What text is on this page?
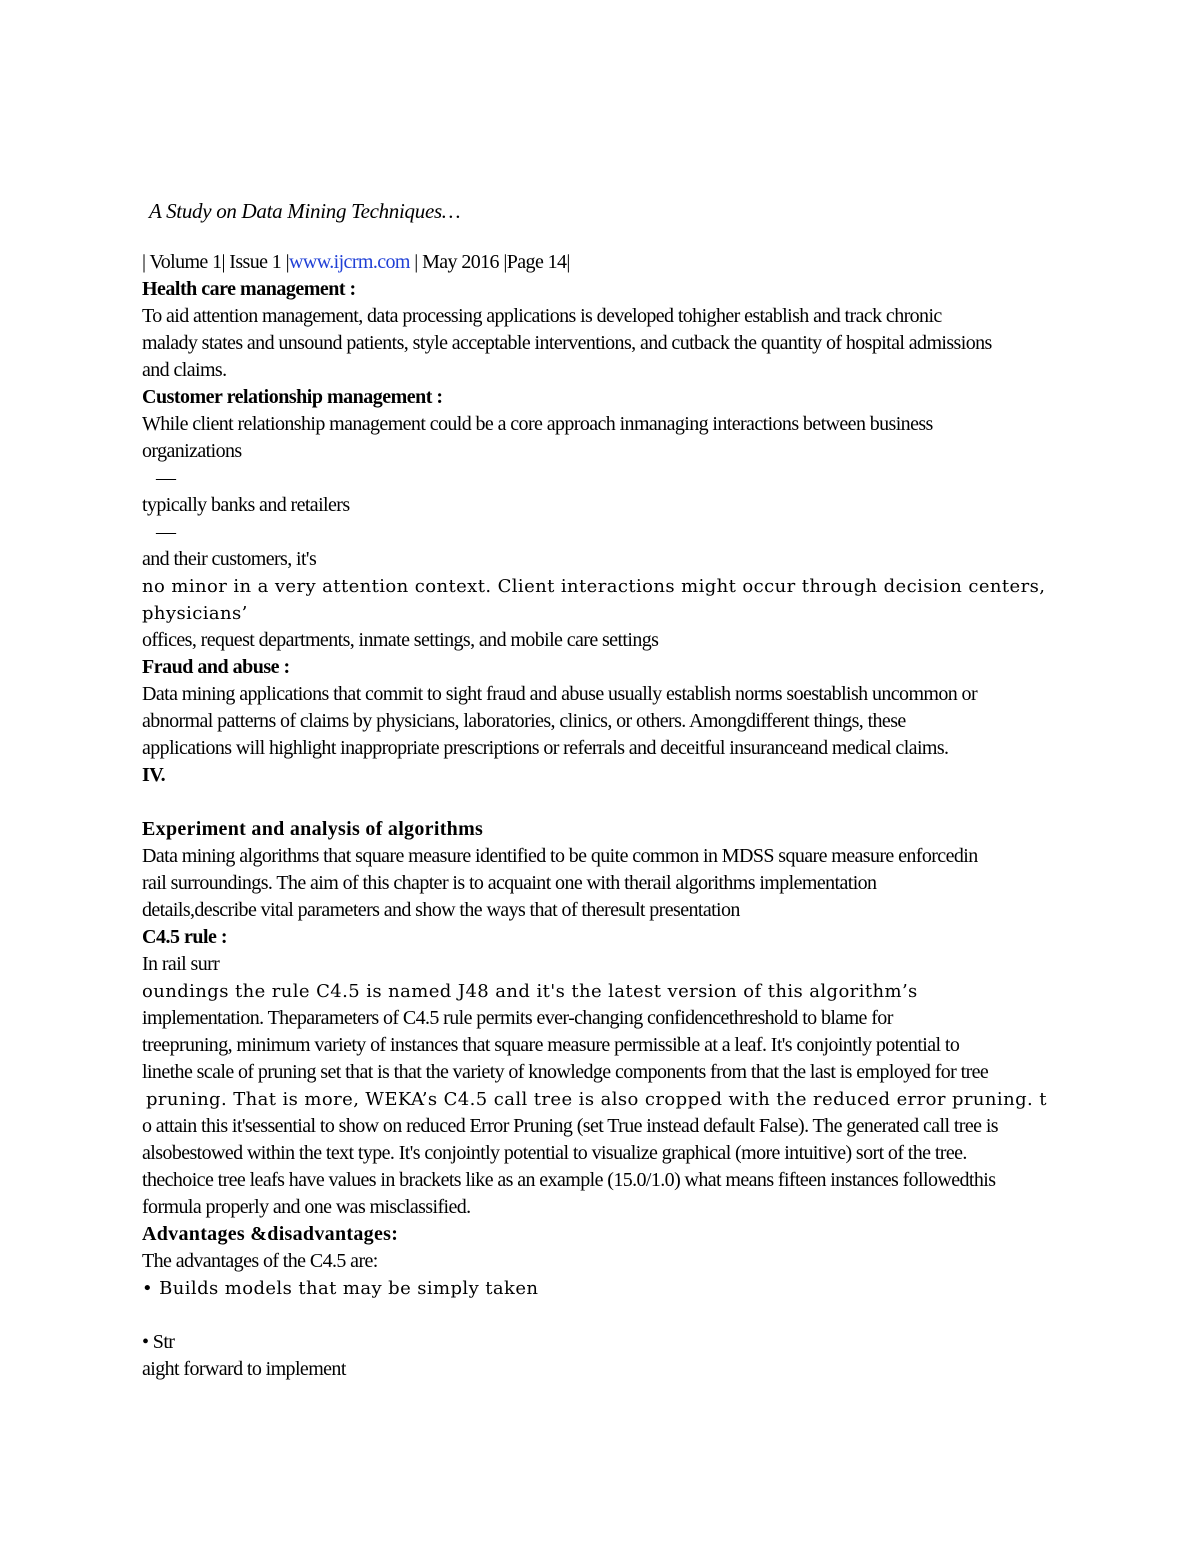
A Study on Data Mining Techniques…
| Volume 1| Issue 1 |www.ijcrm.com | May 2016 |Page 14|
Health care management :
To aid attention management, data processing applications is developed tohigher establish and track chronic
malady states and unsound patients, style acceptable interventions, and cutback the quantity of hospital admissions
and claims.
Customer relationship management :
While client relationship management could be a core approach inmanaging interactions between business
organizations
—
typically banks and retailers
—
and their customers, it's
no minor in a very attention context. Client interactions might occur through decision centers,
physicians’
offices, request departments, inmate settings, and mobile care settings
Fraud and abuse :
Data mining applications that commit to sight fraud and abuse usually establish norms soestablish uncommon or
abnormal patterns of claims by physicians, laboratories, clinics, or others. Amongdifferent things, these
applications will highlight inappropriate prescriptions or referrals and deceitful insuranceand medical claims.
IV.
Experiment and analysis of algorithms
Data mining algorithms that square measure identified to be quite common in MDSS square measure enforcedin
rail surroundings. The aim of this chapter is to acquaint one with therail algorithms implementation
details,describe vital parameters and show the ways that of theresult presentation
C4.5 rule :
In rail surr
oundings the rule C4.5 is named J48 and it's the latest version of this algorithm’s
implementation. Theparameters of C4.5 rule permits ever-changing confidencethreshold to blame for
treepruning, minimum variety of instances that square measure permissible at a leaf. It's conjointly potential to
linethe scale of pruning set that is that the variety of knowledge components from that the last is employed for tree
pruning. That is more, WEKA’s C4.5 call tree is also cropped with the reduced error pruning. t
o attain this it'sessential to show on reduced Error Pruning (set True instead default False). The generated call tree is
alsobestowed within the text type. It's conjointly potential to visualize graphical (more intuitive) sort of the tree.
thechoice tree leafs have values in brackets like as an example (15.0/1.0) what means fifteen instances followedthis
formula properly and one was misclassified.
Advantages &disadvantages:
The advantages of the C4.5 are:
• Builds models that may be simply taken
• Str
aight forward to implement
